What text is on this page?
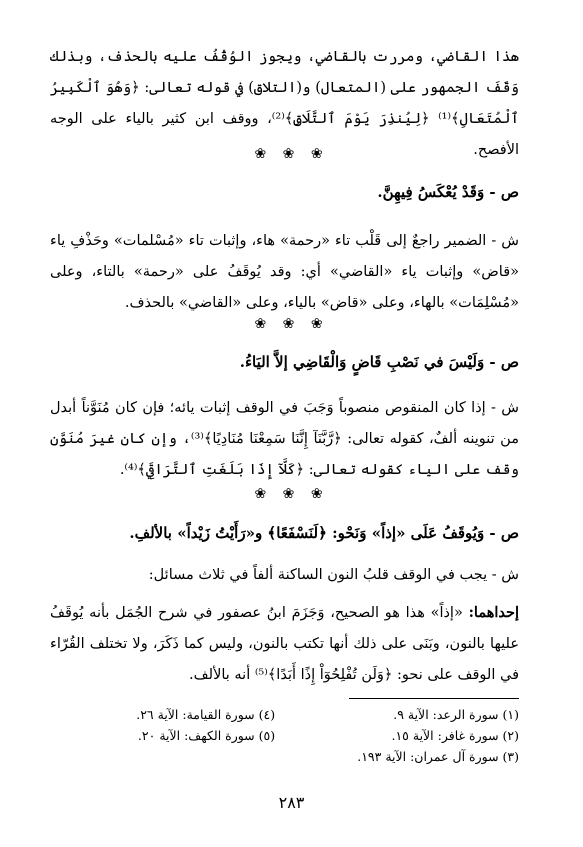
هذا القاضي، ومررت بالقاضي، ويجوز الوُقُفُ عليه بالحذف، وبذلك وَقَفَ الجمهور على (المتعال) و(التلاق) في قوله تعالى: ﴿وَهُوَ ٱلْكَبِيرُ ٱلْمُتَعَالِ﴾⁽¹⁾ ﴿لِيُنذِرَ يَوْمَ ٱلتَّلَاقِ﴾⁽²⁾، ووقف ابن كثير بالياء على الوجه الأفصح.

❀ ❀ ❀
ص - وَقَدْ يُعْكَسُ فِيهِنَّ.

ش - الضمير راجعٌ إلى قَلْب تاء «رحمة» هاء، وإثبات تاء «مُسْلمات» وحَذْفِ ياء «قاض» وإثبات ياء «القاضي» أي: وقد يُوقَفُ على «رحمة» بالتاء، وعلى «مُسْلِمَات» بالهاء، وعلى «قاض» بالياء، وعلى «القاضي» بالحذف.

❀ ❀ ❀
ص - وَلَيْسَ في نَصْبِ قَاضٍ وَالْقَاضِي إلاَّ اليَاءُ.

ش - إذا كان المنقوص منصوباً وَجَبَ في الوقف إثبات يائه؛ فإن كان مُنَوَّناً أبدل من تنوينه ألفٌ، كقوله تعالى: ﴿رَّبَّنَآ إِنَّنَا سَمِعْنَا مُنَادِيًا﴾⁽³⁾، وإن كان غيرَ مُنَوَّن وقف على الياء كقوله تعالى: ﴿كَلَّآ إِذَا بَلَغَتِ ٱلتَّرَاقِيَ﴾⁽⁴⁾.

❀ ❀ ❀
ص - وَيُوقَفُ عَلَى «إذاً» وَنَحْو: ﴿لَنَسْفَعًا﴾ و«رَأَيْتُ زَيْداً» بالألفِ.

ش - يجب في الوقف قلبُ النون الساكنة ألفاً في ثلاث مسائل:

إحداهما: «إذاً» هذا هو الصحيح، وَجَزَمَ ابنُ عصفور في شرح الجُمَل بأنه يُوقَفُ عليها بالنون، وبَنَى على ذلك أنها تكتب بالنون، وليس كما ذَكَرَ، ولا تختلف القُرّاء في الوقف على نحو: ﴿وَلَن تُفْلِحُوٓاْ إِذًا أَبَدًا﴾⁽⁵⁾ أنه بالألف.

(١) سورة الرعد: الآية ٩.
(٢) سورة غافر: الآية ١٥.
(٣) سورة آل عمران: الآية ١٩٣.
(٤) سورة القيامة: الآية ٢٦.
(٥) سورة الكهف: الآية ٢٠.
٢٨٣
